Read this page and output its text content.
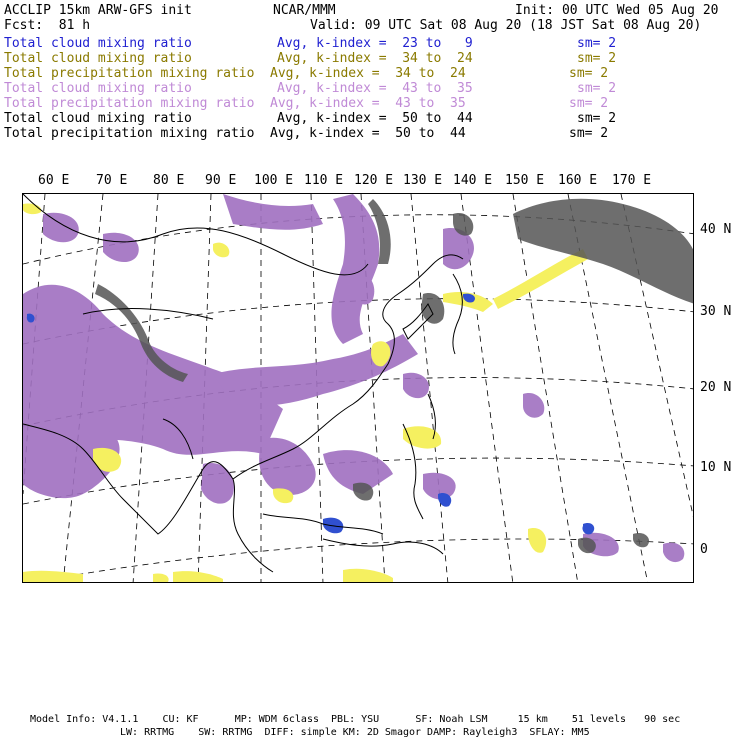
ACCLIP 15km ARW-GFS init	NCAR/MMM	Init: 00 UTC Wed 05 Aug 20
Fcst:  81 h	Valid: 09 UTC Sat 08 Aug 20 (18 JST Sat 08 Aug 20)
Total cloud mixing ratio	Avg, k-index =  23 to   9	sm= 2
Total cloud mixing ratio	Avg, k-index =  34 to  24	sm= 2
Total precipitation mixing ratio Avg, k-index =  34 to  24	sm= 2
Total cloud mixing ratio	Avg, k-index =  43 to  35	sm= 2
Total precipitation mixing ratio Avg, k-index =  43 to  35	sm= 2
Total cloud mixing ratio	Avg, k-index =  50 to  44	sm= 2
Total precipitation mixing ratio Avg, k-index =  50 to  44	sm= 2
60 E 70 E 80 E 90 E 100 E 110 E 120 E 130 E 140 E 150 E 160 E 170 E
40 N
30 N
20 N
10 N
0
Model Info: V4.1.1    CU: KF      MP: WDM 6class  PBL: YSU      SF: Noah LSM     15 km    51 levels   90 sec
LW: RRTMG    SW: RRTMG  DIFF: simple KM: 2D Smagor DAMP: Rayleigh3  SFLAY: MM5
